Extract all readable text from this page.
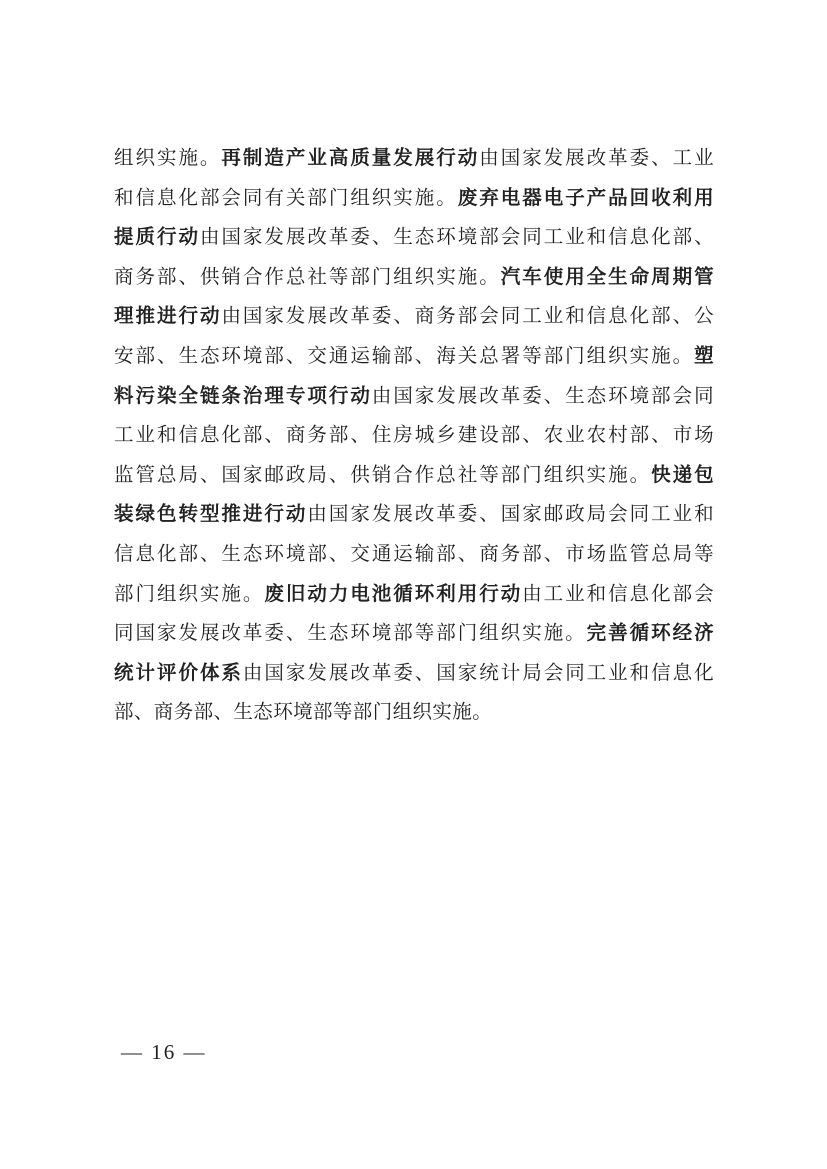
组织实施。再制造产业高质量发展行动由国家发展改革委、工业
和信息化部会同有关部门组织实施。废弃电器电子产品回收利用
提质行动由国家发展改革委、生态环境部会同工业和信息化部、
商务部、供销合作总社等部门组织实施。汽车使用全生命周期管
理推进行动由国家发展改革委、商务部会同工业和信息化部、公
安部、生态环境部、交通运输部、海关总署等部门组织实施。塑
料污染全链条治理专项行动由国家发展改革委、生态环境部会同
工业和信息化部、商务部、住房城乡建设部、农业农村部、市场
监管总局、国家邮政局、供销合作总社等部门组织实施。快递包
装绿色转型推进行动由国家发展改革委、国家邮政局会同工业和
信息化部、生态环境部、交通运输部、商务部、市场监管总局等
部门组织实施。废旧动力电池循环利用行动由工业和信息化部会
同国家发展改革委、生态环境部等部门组织实施。完善循环经济
统计评价体系由国家发展改革委、国家统计局会同工业和信息化
部、商务部、生态环境部等部门组织实施。
— 16 —
